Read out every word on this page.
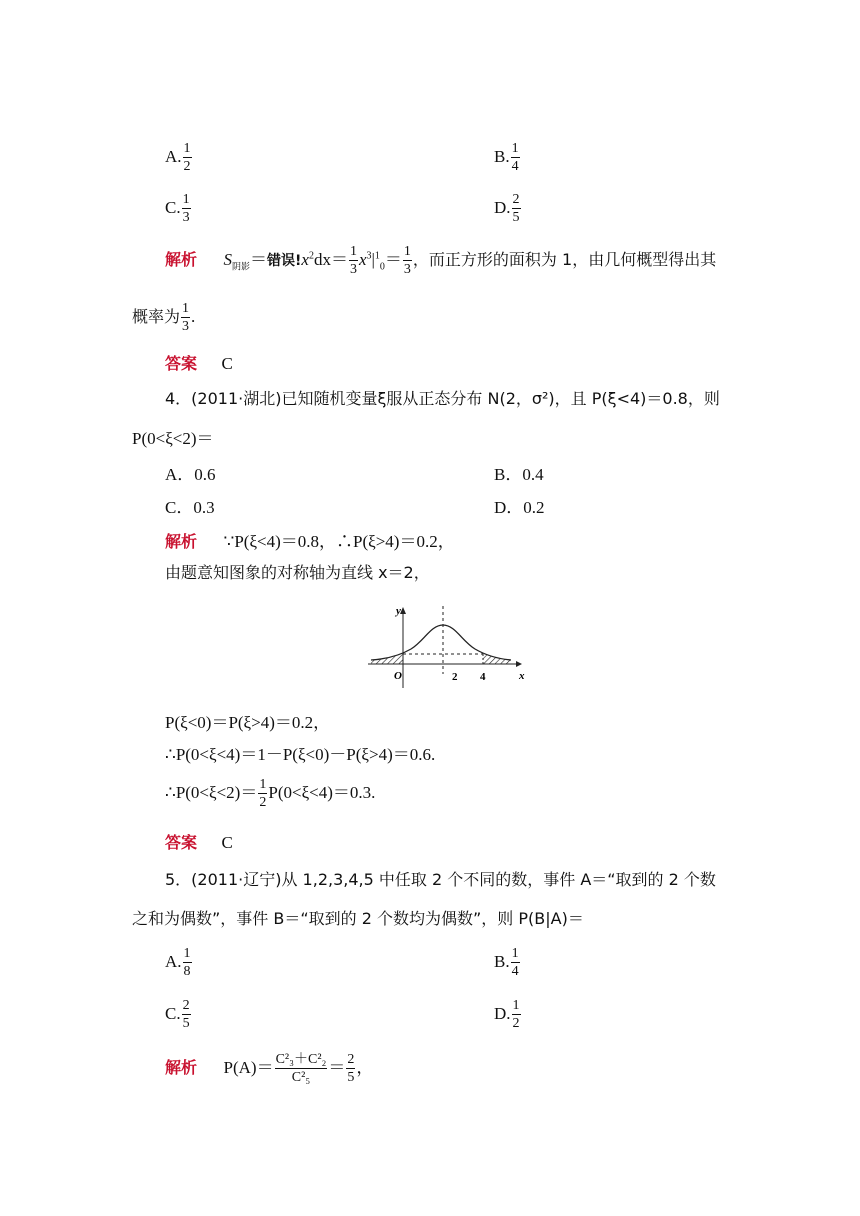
A. $\frac{1}{2}$	B. $\frac{1}{4}$
C. $\frac{1}{3}$	D. $\frac{2}{5}$
解析 $S_{阴影}=$错误$!x^2dx= \frac{1}{3} x^3|^1_0= \frac{1}{3}$ ，而正方形的面积为 1，由几何概型得出其
概率为 $\frac{1}{3}$ .
答案 C
4．(2011·湖北)已知随机变量ξ服从正态分布 N(2，σ²)，且 P(ξ<4)＝0.8，则
P(0<ξ<2)＝
A．0.6	B．0.4
C．0.3	D．0.2
解析 ∵P(ξ<4)＝0.8，∴P(ξ>4)＝0.2，
由题意知图象的对称轴为直线 x＝2，
y
x
O	2 4
P(ξ<0)＝P(ξ>4)＝0.2，
∴P(0<ξ<4)＝1－P(ξ<0)－P(ξ>4)＝0.6.
∴P(0<ξ<2)＝ $\frac{1}{2} P(0<\xi<4)=0.3$.
答案 C
5．(2011·辽宁)从 1,2,3,4,5 中任取 2 个不同的数，事件 A＝“取到的 2 个数
之和为偶数”，事件 B＝“取到的 2 个数均为偶数”，则 P(B|A)＝
A. $\frac{1}{8}$	B. $\frac{1}{4}$
C. $\frac{2}{5}$	D. $\frac{1}{2}$
解析 $P(A)= \frac{\text{C²₃＋C²₂}}{\text{C²₅}} = \frac{2}{5}$ ，
